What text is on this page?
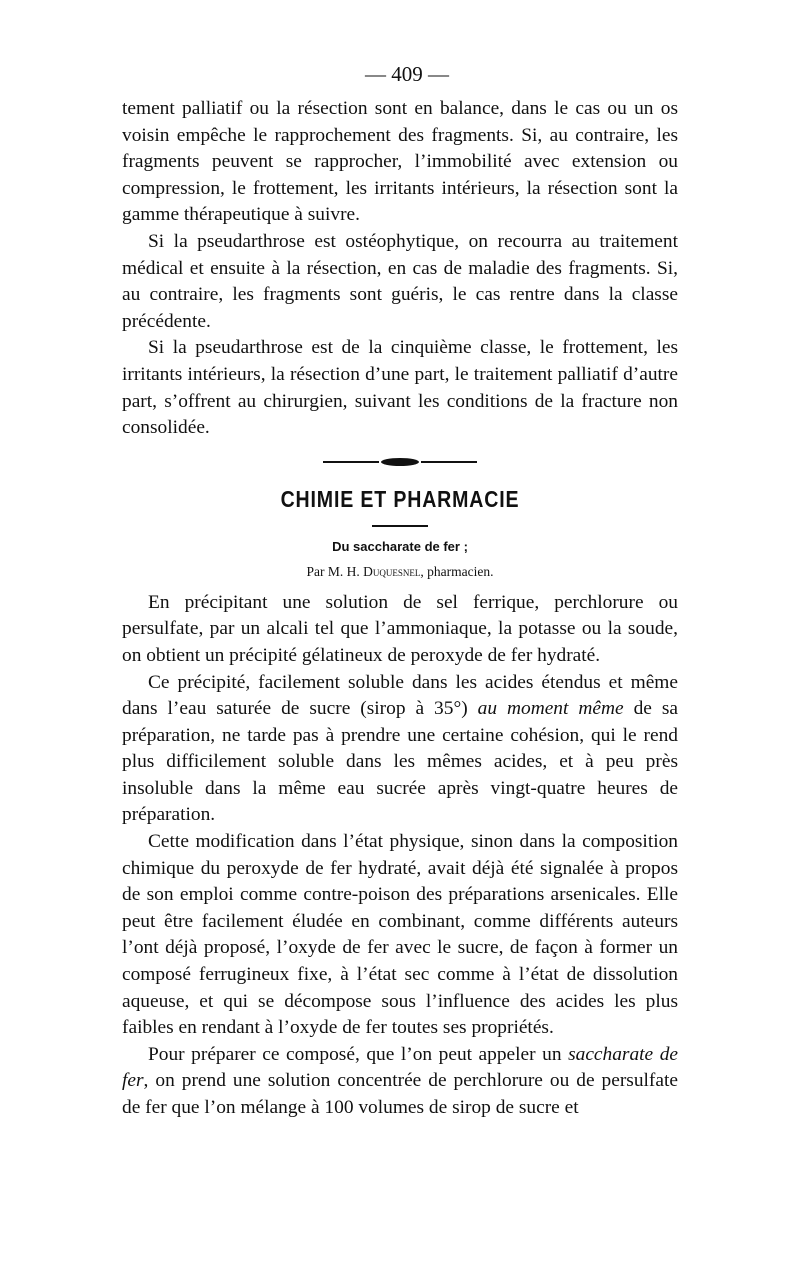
— 409 —

tement palliatif ou la résection sont en balance, dans le cas ou un os voisin empêche le rapprochement des fragments. Si, au contraire, les fragments peuvent se rapprocher, l’immobilité avec extension ou compression, le frottement, les irritants intérieurs, la résection sont la gamme thérapeutique à suivre.

Si la pseudarthrose est ostéophytique, on recourra au traitement médical et ensuite à la résection, en cas de maladie des fragments. Si, au contraire, les fragments sont guéris, le cas rentre dans la classe précédente.

Si la pseudarthrose est de la cinquième classe, le frottement, les irritants intérieurs, la résection d’une part, le traitement palliatif d’autre part, s’offrent au chirurgien, suivant les conditions de la fracture non consolidée.

CHIMIE ET PHARMACIE
Du saccharate de fer ;
Par M. H. Duquesnel, pharmacien.

En précipitant une solution de sel ferrique, perchlorure ou persulfate, par un alcali tel que l’ammoniaque, la potasse ou la soude, on obtient un précipité gélatineux de peroxyde de fer hydraté.

Ce précipité, facilement soluble dans les acides étendus et même dans l’eau saturée de sucre (sirop à 35°) au moment même de sa préparation, ne tarde pas à prendre une certaine cohésion, qui le rend plus difficilement soluble dans les mêmes acides, et à peu près insoluble dans la même eau sucrée après vingt-quatre heures de préparation.

Cette modification dans l’état physique, sinon dans la composition chimique du peroxyde de fer hydraté, avait déjà été signalée à propos de son emploi comme contre-poison des préparations arsenicales. Elle peut être facilement éludée en combinant, comme différents auteurs l’ont déjà proposé, l’oxyde de fer avec le sucre, de façon à former un composé ferrugineux fixe, à l’état sec comme à l’état de dissolution aqueuse, et qui se décompose sous l’influence des acides les plus faibles en rendant à l’oxyde de fer toutes ses propriétés.

Pour préparer ce composé, que l’on peut appeler un saccharate de fer, on prend une solution concentrée de perchlorure ou de persulfate de fer que l’on mélange à 100 volumes de sirop de sucre et
